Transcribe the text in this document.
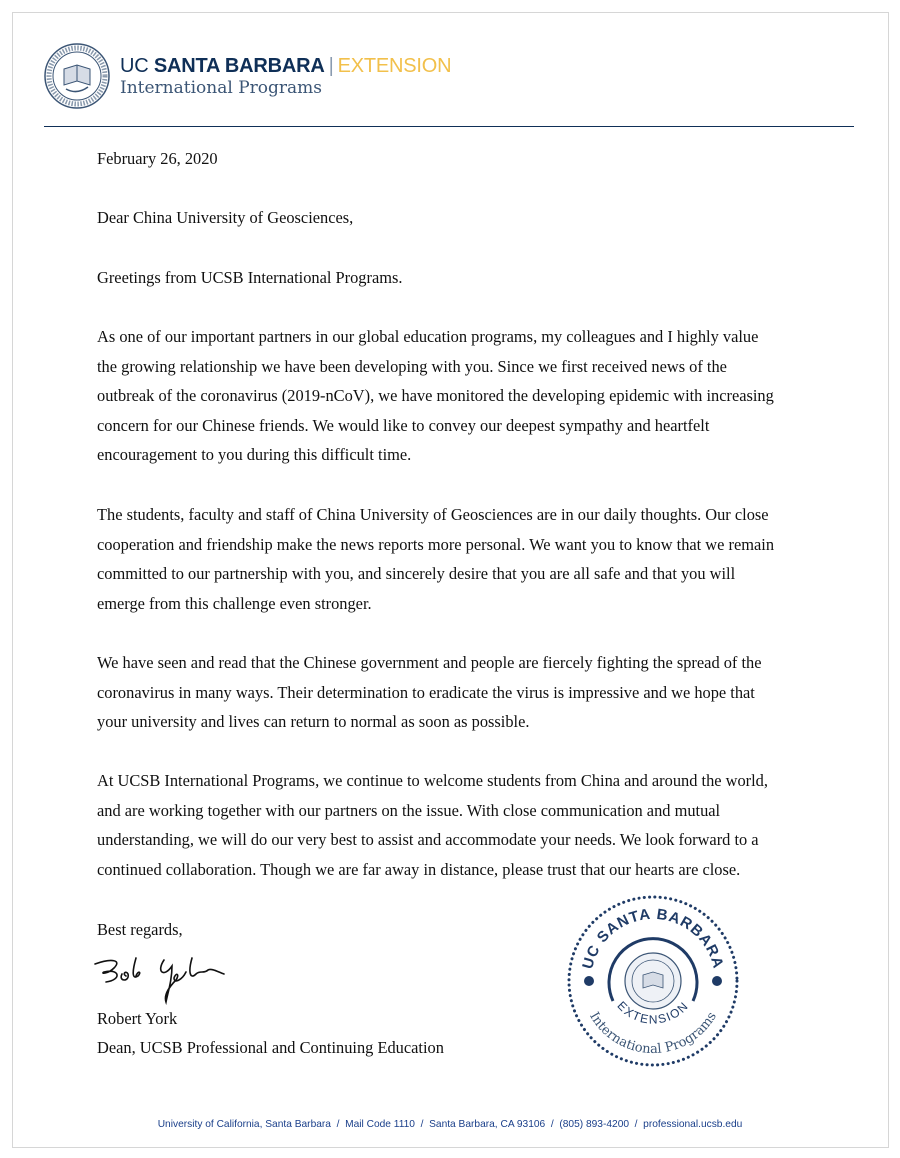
UC SANTA BARBARA | EXTENSION
International Programs
February 26, 2020
Dear China University of Geosciences,
Greetings from UCSB International Programs.
As one of our important partners in our global education programs, my colleagues and I highly value
the growing relationship we have been developing with you. Since we first received news of the
outbreak of the coronavirus (2019-nCoV), we have monitored the developing epidemic with increasing
concern for our Chinese friends. We would like to convey our deepest sympathy and heartfelt
encouragement to you during this difficult time.
The students, faculty and staff of China University of Geosciences are in our daily thoughts. Our close
cooperation and friendship make the news reports more personal. We want you to know that we remain
committed to our partnership with you, and sincerely desire that you are all safe and that you will
emerge from this challenge even stronger.
We have seen and read that the Chinese government and people are fiercely fighting the spread of the
coronavirus in many ways. Their determination to eradicate the virus is impressive and we hope that
your university and lives can return to normal as soon as possible.
At UCSB International Programs, we continue to welcome students from China and around the world,
and are working together with our partners on the issue. With close communication and mutual
understanding, we will do our very best to assist and accommodate your needs. We look forward to a
continued collaboration. Though we are far away in distance, please trust that our hearts are close.
Best regards,
Robert York
Dean, UCSB Professional and Continuing Education
UC SANTA BARBARA
EXTENSION
International Programs
University of California, Santa Barbara  /  Mail Code 1110  /  Santa Barbara, CA 93106  /  (805) 893-4200  /  professional.ucsb.edu
